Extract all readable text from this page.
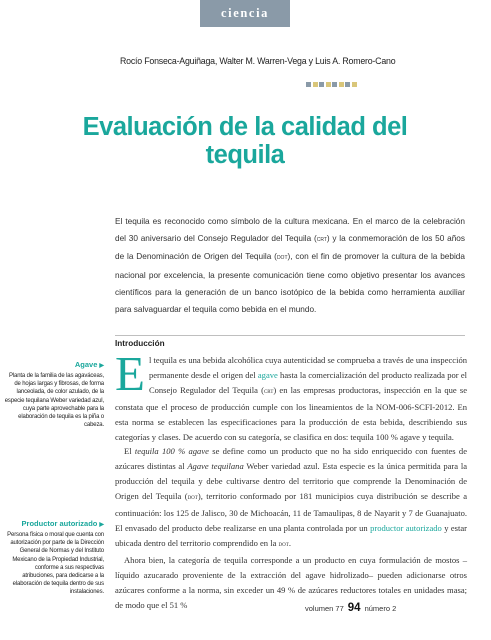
ciencia
Rocío Fonseca-Aguiñaga, Walter M. Warren-Vega y Luis A. Romero-Cano
Evaluación de la calidad del tequila
El tequila es reconocido como símbolo de la cultura mexicana. En el marco de la celebración del 30 aniversario del Consejo Regulador del Tequila (crt) y la conmemoración de los 50 años de la Denominación de Origen del Tequila (dot), con el fin de promover la cultura de la bebida nacional por excelencia, la presente comunicación tiene como objetivo presentar los avances científicos para la generación de un banco isotópico de la bebida como herramienta auxiliar para salvaguardar el tequila como bebida en el mundo.
Agave ▶
Planta de la familia de las agaváceas, de hojas largas y fibrosas, de forma lanceolada, de color azulado, de la especie tequilana Weber variedad azul, cuya parte aprovechable para la elaboración de tequila es la piña o cabeza.
Productor autorizado ▶
Persona física o moral que cuenta con autorización por parte de la Dirección General de Normas y del Instituto Mexicano de la Propiedad Industrial, conforme a sus respectivas atribuciones, para dedicarse a la elaboración de tequila dentro de sus instalaciones.
Introducción

El tequila es una bebida alcohólica cuya autenticidad se comprueba a través de una inspección permanente desde el origen del agave hasta la comercialización del producto realizada por el Consejo Regulador del Tequila (crt) en las empresas productoras, inspección en la que se constata que el proceso de producción cumple con los lineamientos de la NOM-006-SCFI-2012. En esta norma se establecen las especificaciones para la producción de esta bebida, describiendo sus categorías y clases. De acuerdo con su categoría, se clasifica en dos: tequila 100 % agave y tequila.

El tequila 100 % agave se define como un producto que no ha sido enriquecido con fuentes de azúcares distintas al Agave tequilana Weber variedad azul. Esta especie es la única permitida para la producción del tequila y debe cultivarse dentro del territorio que comprende la Denominación de Origen del Tequila (dot), territorio conformado por 181 municipios cuya distribución se describe a continuación: los 125 de Jalisco, 30 de Michoacán, 11 de Tamaulipas, 8 de Nayarit y 7 de Guanajuato. El envasado del producto debe realizarse en una planta controlada por un productor autorizado y estar ubicada dentro del territorio comprendido en la dot.

Ahora bien, la categoría de tequila corresponde a un producto en cuya formulación de mostos –líquido azucarado proveniente de la extracción del agave hidrolizado– pueden adicionarse otros azúcares conforme a la norma, sin exceder un 49 % de azúcares reductores totales en unidades masa; de modo que el 51 %	volumen 77 94 número 2
